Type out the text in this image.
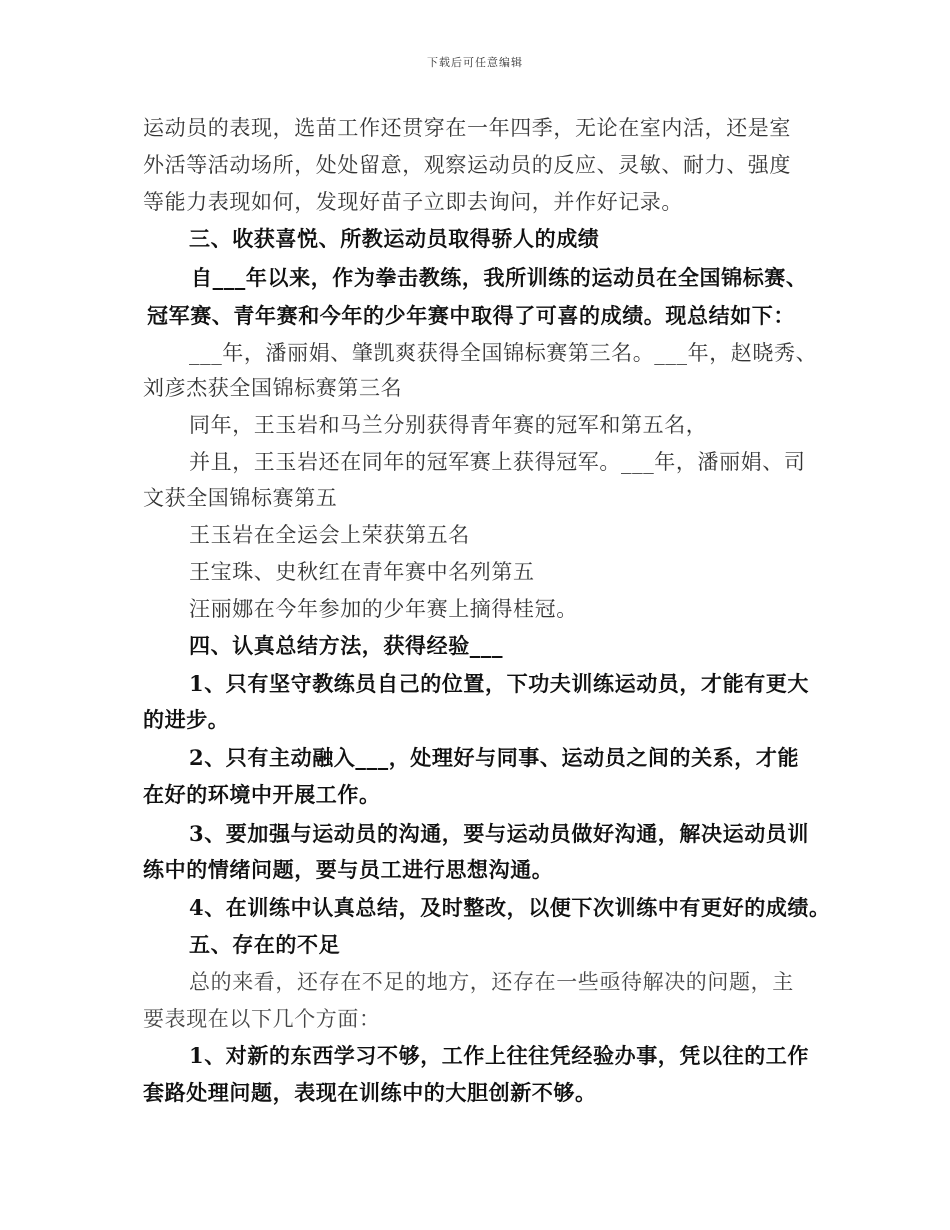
下载后可任意编辑
运动员的表现，选苗工作还贯穿在一年四季，无论在室内活，还是室
外活等活动场所，处处留意，观察运动员的反应、灵敏、耐力、强度
等能力表现如何，发现好苗子立即去询问，并作好记录。
三、收获喜悦、所教运动员取得骄人的成绩
自___年以来，作为拳击教练，我所训练的运动员在全国锦标赛、
冠军赛、青年赛和今年的少年赛中取得了可喜的成绩。现总结如下：
___年，潘丽娟、肇凯爽获得全国锦标赛第三名。___年，赵晓秀、
刘彦杰获全国锦标赛第三名
同年，王玉岩和马兰分别获得青年赛的冠军和第五名，
并且，王玉岩还在同年的冠军赛上获得冠军。___年，潘丽娟、司
文获全国锦标赛第五
王玉岩在全运会上荣获第五名
王宝珠、史秋红在青年赛中名列第五
汪丽娜在今年参加的少年赛上摘得桂冠。
四、认真总结方法，获得经验___
1、只有坚守教练员自己的位置，下功夫训练运动员，才能有更大
的进步。
2、只有主动融入___，处理好与同事、运动员之间的关系，才能
在好的环境中开展工作。
3、要加强与运动员的沟通，要与运动员做好沟通，解决运动员训
练中的情绪问题，要与员工进行思想沟通。
4、在训练中认真总结，及时整改，以便下次训练中有更好的成绩。
五、存在的不足
总的来看，还存在不足的地方，还存在一些亟待解决的问题，主
要表现在以下几个方面：
1、对新的东西学习不够，工作上往往凭经验办事，凭以往的工作
套路处理问题，表现在训练中的大胆创新不够。
